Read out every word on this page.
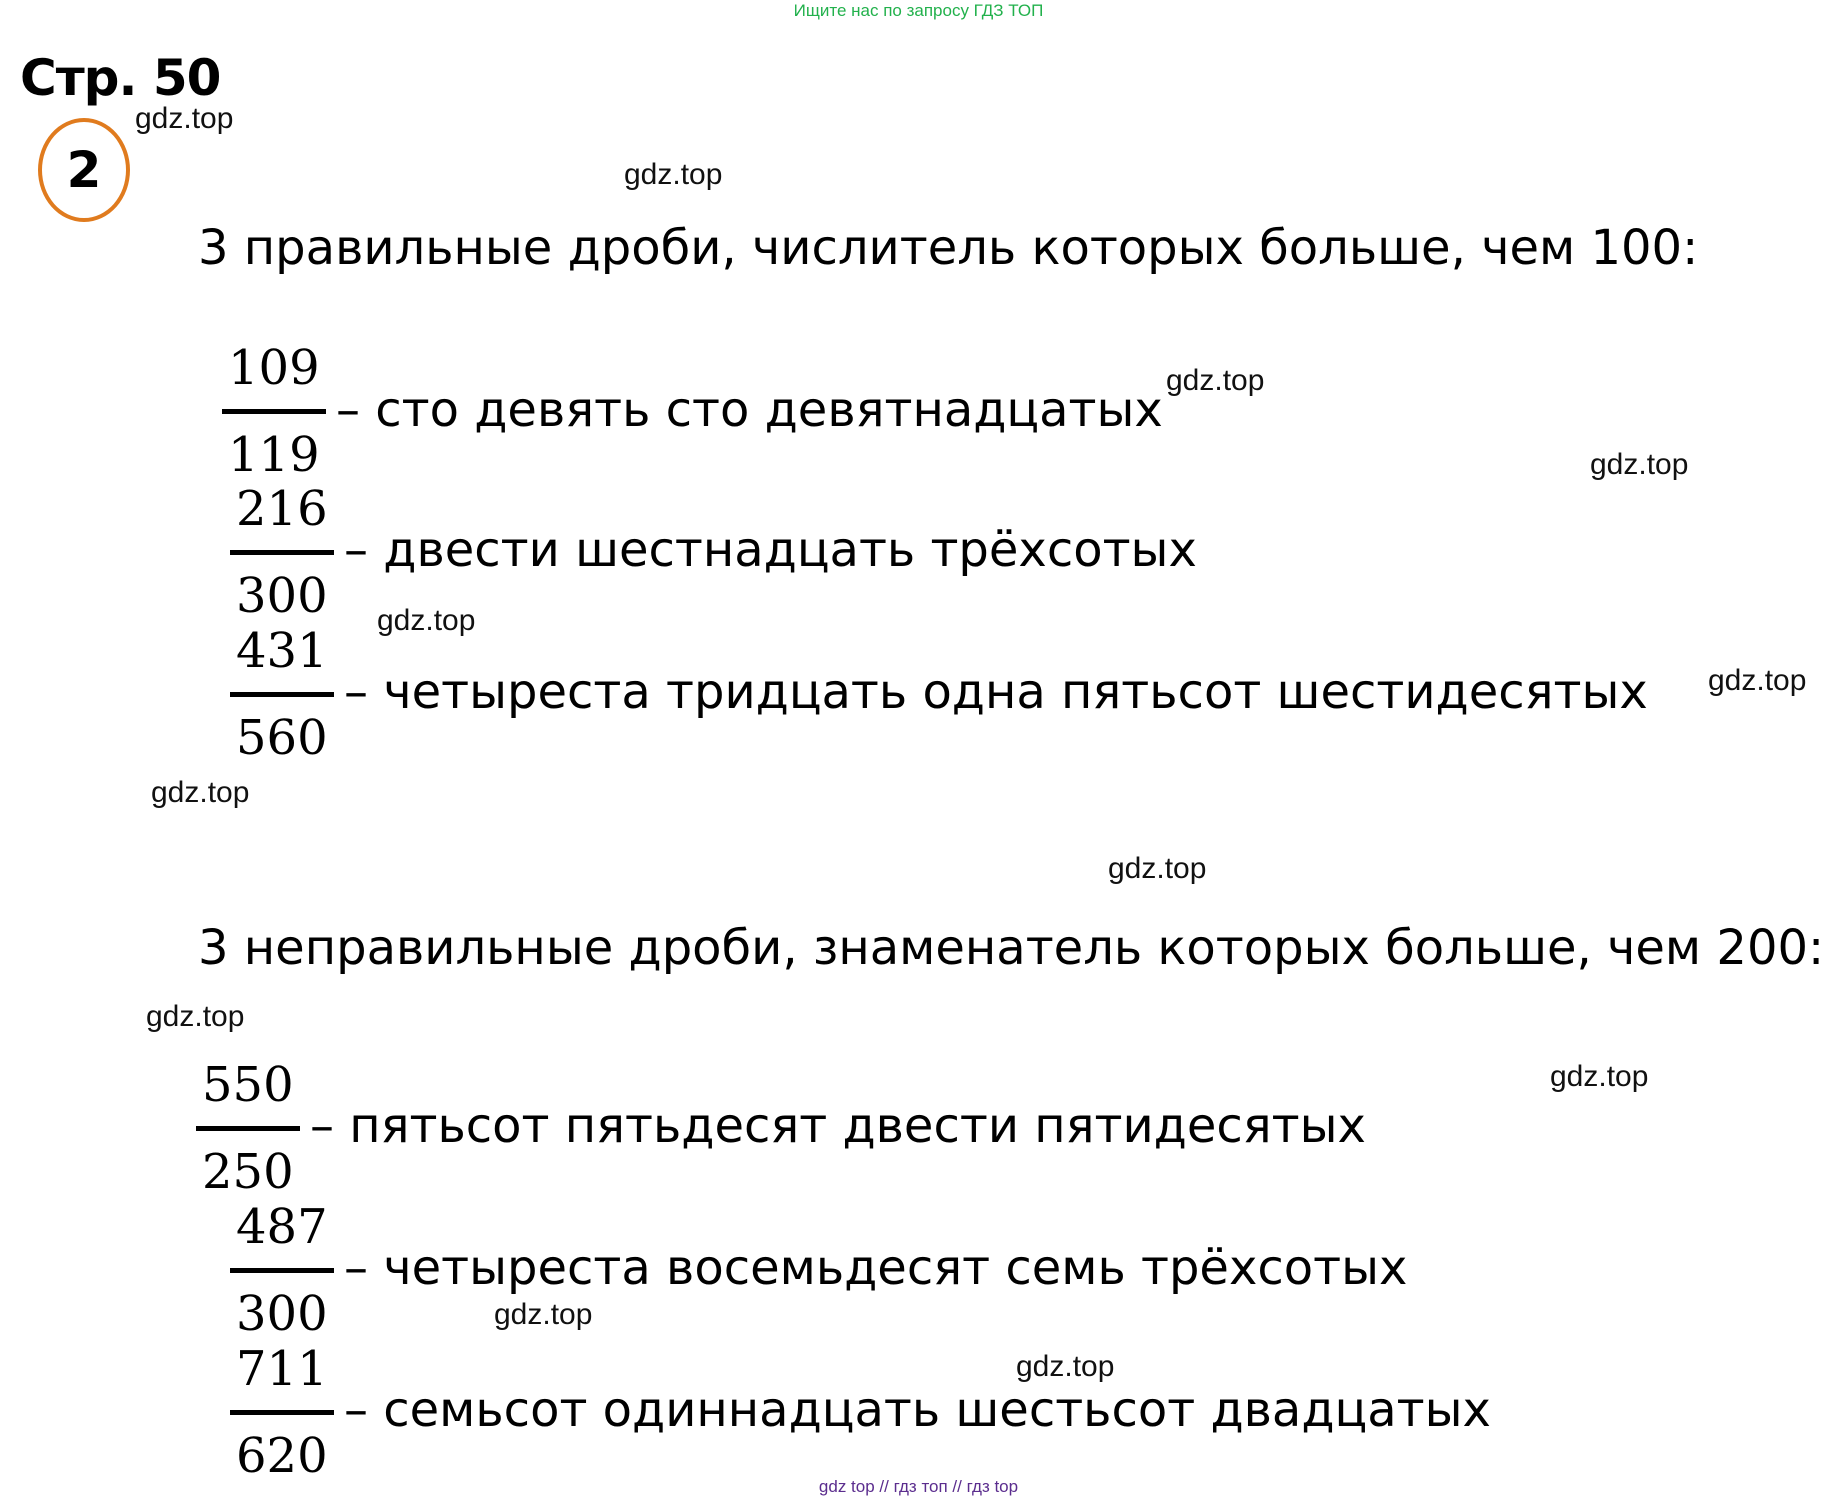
Ищите нас по запросу ГДЗ ТОП
Стр. 50
2
3 правильные дроби, числитель которых больше, чем 100:
109
119
– сто девять сто девятнадцатых
216
300
– двести шестнадцать трёхсотых
431
560
– четыреста тридцать одна пятьсот шестидесятых
3 неправильные дроби, знаменатель которых больше, чем 200:
550
250
– пятьсот пятьдесят двести пятидесятых
487
300
– четыреста восемьдесят семь трёхсотых
711
620
– семьсот одиннадцать шестьсот двадцатых
gdz.top
gdz.top
gdz.top
gdz.top
gdz.top
gdz.top
gdz.top
gdz.top
gdz.top
gdz.top
gdz.top
gdz.top
gdz top // гдз топ // гдз top
